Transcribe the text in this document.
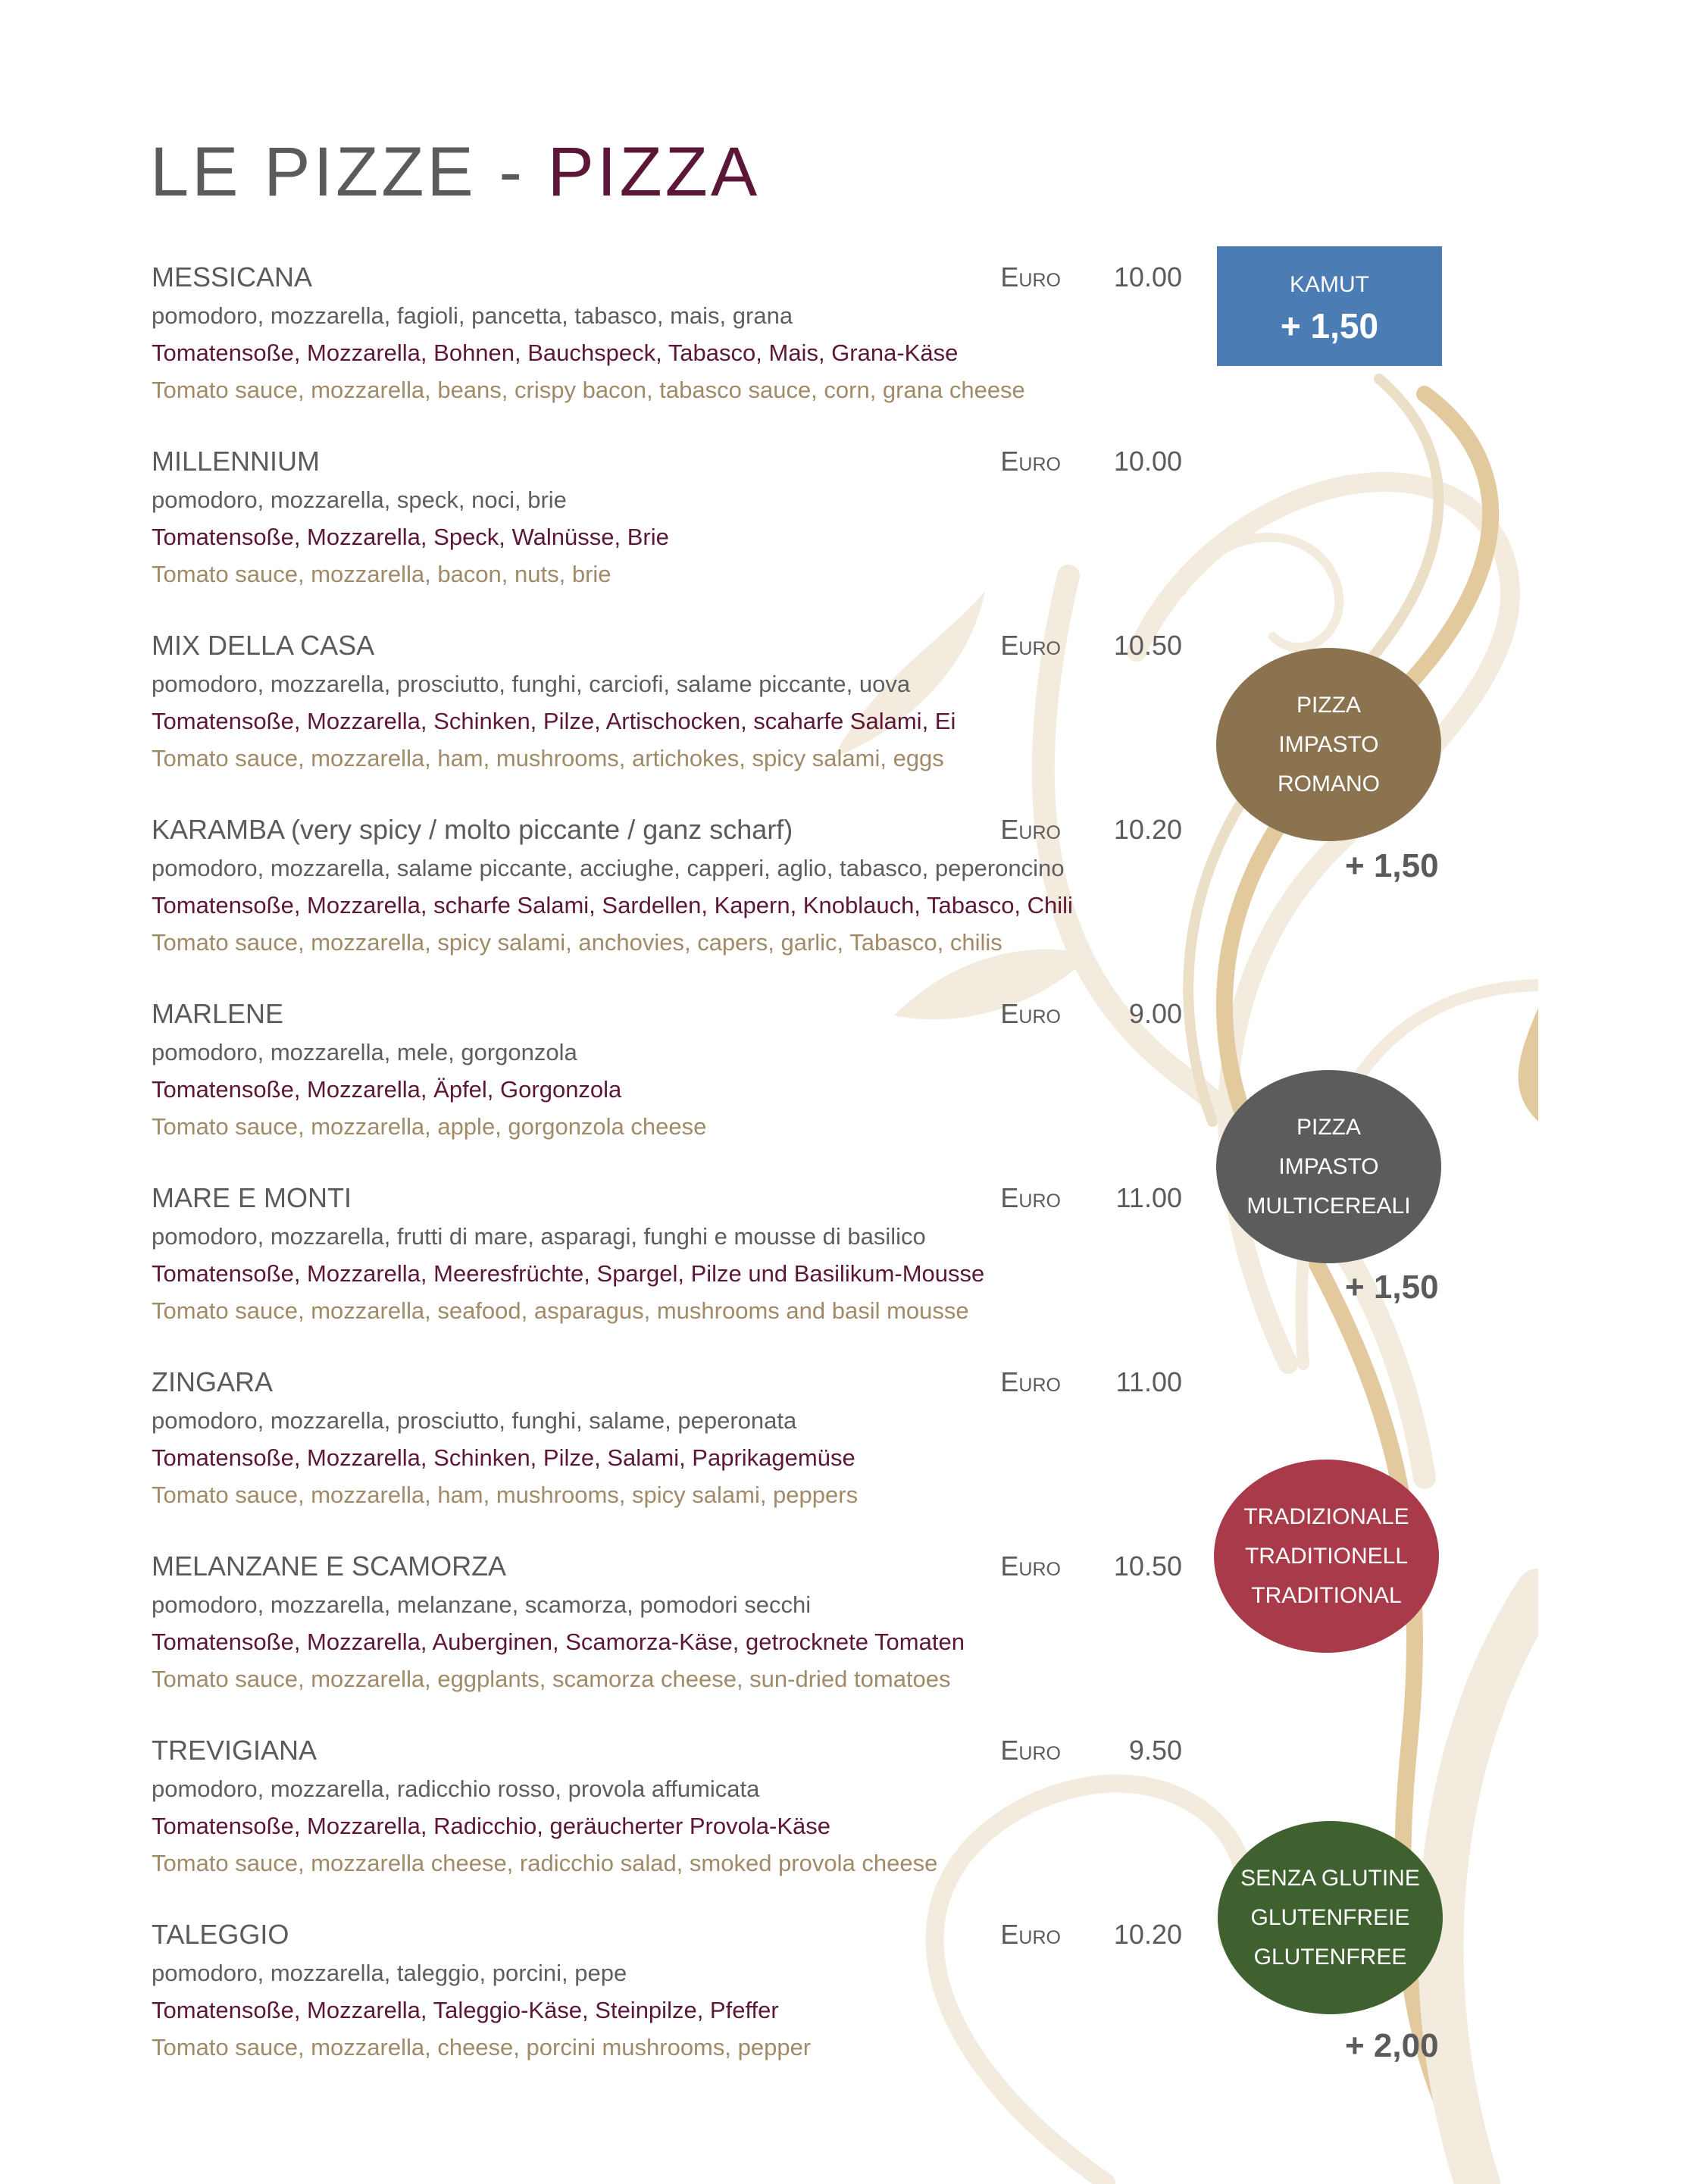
LE PIZZE - PIZZA
MESSICANA	Euro 10.00
pomodoro, mozzarella, fagioli, pancetta, tabasco, mais, grana
Tomatensoße, Mozzarella, Bohnen, Bauchspeck, Tabasco, Mais, Grana-Käse
Tomato sauce, mozzarella, beans, crispy bacon, tabasco sauce, corn, grana cheese
MILLENNIUM	Euro 10.00
pomodoro, mozzarella, speck, noci, brie
Tomatensoße, Mozzarella, Speck, Walnüsse, Brie
Tomato sauce, mozzarella, bacon, nuts, brie
MIX DELLA CASA	Euro 10.50
pomodoro, mozzarella, prosciutto, funghi, carciofi, salame piccante, uova
Tomatensoße, Mozzarella, Schinken, Pilze, Artischocken, scaharfe Salami, Ei
Tomato sauce, mozzarella, ham, mushrooms, artichokes, spicy salami, eggs
KARAMBA (very spicy / molto piccante / ganz scharf)	Euro 10.20
pomodoro, mozzarella, salame piccante, acciughe, capperi, aglio, tabasco, peperoncino
Tomatensoße, Mozzarella, scharfe Salami, Sardellen, Kapern, Knoblauch, Tabasco, Chili
Tomato sauce, mozzarella, spicy salami, anchovies, capers, garlic, Tabasco, chilis
MARLENE	Euro 9.00
pomodoro, mozzarella, mele, gorgonzola
Tomatensoße, Mozzarella, Äpfel, Gorgonzola
Tomato sauce, mozzarella, apple, gorgonzola cheese
MARE E MONTI	Euro 11.00
pomodoro, mozzarella, frutti di mare, asparagi, funghi e mousse di basilico
Tomatensoße, Mozzarella, Meeresfrüchte, Spargel, Pilze und Basilikum-Mousse
Tomato sauce, mozzarella, seafood, asparagus, mushrooms and basil mousse
ZINGARA	Euro 11.00
pomodoro, mozzarella, prosciutto, funghi, salame, peperonata
Tomatensoße, Mozzarella, Schinken, Pilze, Salami, Paprikagemüse
Tomato sauce, mozzarella, ham, mushrooms, spicy salami, peppers
MELANZANE E SCAMORZA	Euro 10.50
pomodoro, mozzarella, melanzane, scamorza, pomodori secchi
Tomatensoße, Mozzarella, Auberginen, Scamorza-Käse, getrocknete Tomaten
Tomato sauce, mozzarella, eggplants, scamorza cheese, sun-dried tomatoes
TREVIGIANA	Euro 9.50
pomodoro, mozzarella, radicchio rosso, provola affumicata
Tomatensoße, Mozzarella, Radicchio, geräucherter Provola-Käse
Tomato sauce, mozzarella cheese, radicchio salad, smoked provola cheese
TALEGGIO	Euro 10.20
pomodoro, mozzarella, taleggio, porcini, pepe
Tomatensoße, Mozzarella, Taleggio-Käse, Steinpilze, Pfeffer
Tomato sauce, mozzarella, cheese, porcini mushrooms, pepper
KAMUT
+ 1,50
PIZZA
IMPASTO
ROMANO
+ 1,50
PIZZA
IMPASTO
MULTICEREALI
+ 1,50
TRADIZIONALE
TRADITIONELL
TRADITIONAL
SENZA GLUTINE
GLUTENFREIE
GLUTENFREE
+ 2,00
